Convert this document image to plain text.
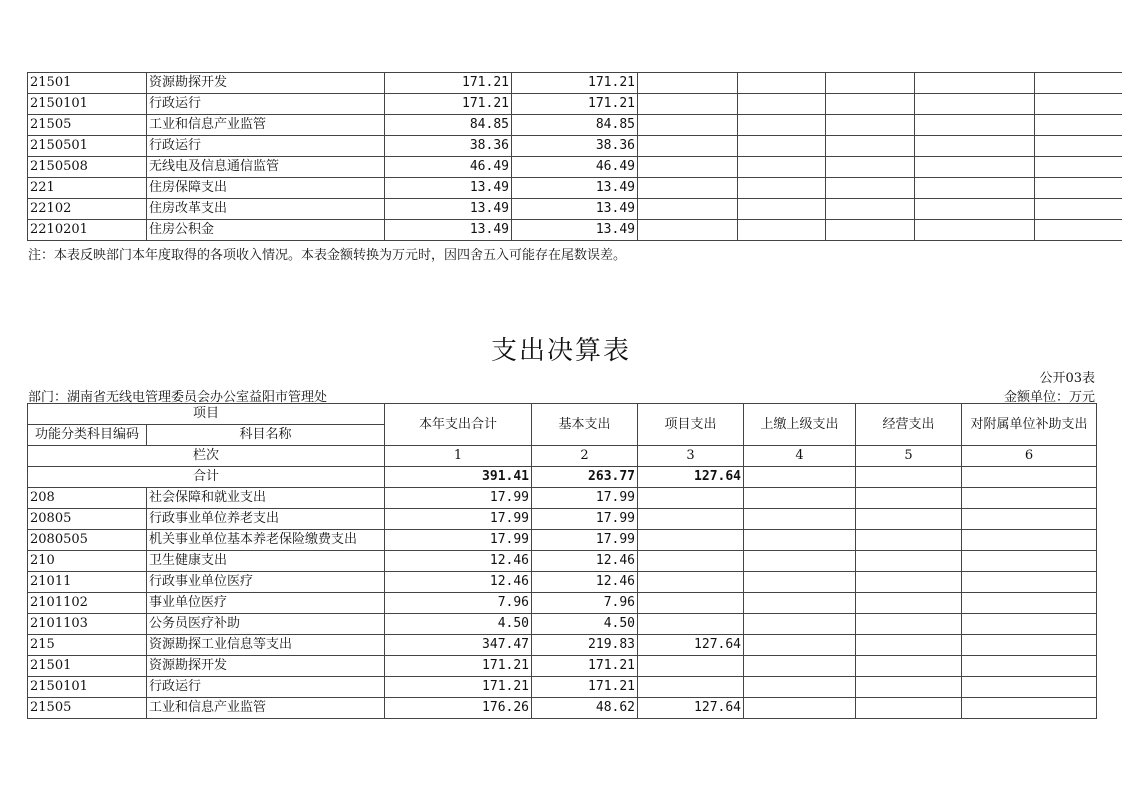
21501	资源勘探开发	171.21	171.21					
2150101	行政运行	171.21	171.21					
21505	工业和信息产业监管	84.85	84.85					
2150501	行政运行	38.36	38.36					
2150508	无线电及信息通信监管	46.49	46.49					
221	住房保障支出	13.49	13.49					
22102	住房改革支出	13.49	13.49					
2210201	住房公积金	13.49	13.49					
注：本表反映部门本年度取得的各项收入情况。本表金额转换为万元时，因四舍五入可能存在尾数误差。
支出决算表
公开03表
部门：湖南省无线电管理委员会办公室益阳市管理处	金额单位：万元
项目		本年支出合计	基本支出	项目支出	上缴上级支出	经营支出	对附属单位补助支出
功能分类科目编码	科目名称						
栏次		1	2	3	4	5	6
合计		391.41	263.77	127.64			
208	社会保障和就业支出	17.99	17.99				
20805	行政事业单位养老支出	17.99	17.99				
2080505	机关事业单位基本养老保险缴费支出	17.99	17.99				
210	卫生健康支出	12.46	12.46				
21011	行政事业单位医疗	12.46	12.46				
2101102	事业单位医疗	7.96	7.96				
2101103	公务员医疗补助	4.50	4.50				
215	资源勘探工业信息等支出	347.47	219.83	127.64			
21501	资源勘探开发	171.21	171.21				
2150101	行政运行	171.21	171.21				
21505	工业和信息产业监管	176.26	48.62	127.64			
